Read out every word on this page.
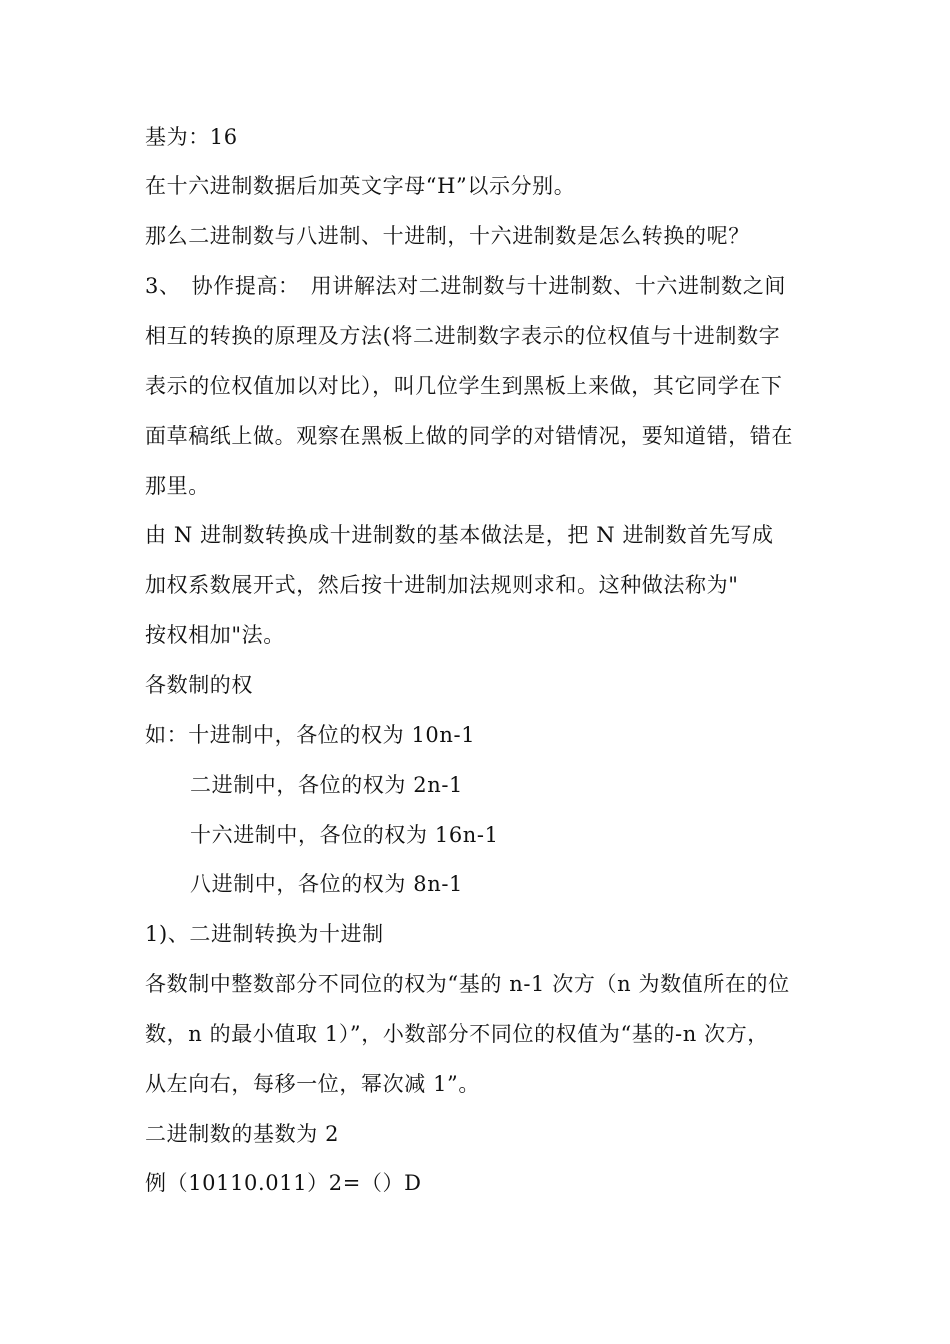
基为：16
在十六进制数据后加英文字母“H”以示分别。
那么二进制数与八进制、十进制，十六进制数是怎么转换的呢？
3、　协作提高：　用讲解法对二进制数与十进制数、十六进制数之间
相互的转换的原理及方法(将二进制数字表示的位权值与十进制数字
表示的位权值加以对比），叫几位学生到黑板上来做，其它同学在下
面草稿纸上做。观察在黑板上做的同学的对错情况，要知道错，错在
那里。
由 N 进制数转换成十进制数的基本做法是，把 N 进制数首先写成
加权系数展开式，然后按十进制加法规则求和。这种做法称为"
按权相加"法。
各数制的权
如：十进制中，各位的权为 10n-1
二进制中，各位的权为 2n-1
十六进制中，各位的权为 16n-1
八进制中，各位的权为 8n-1
1)、二进制转换为十进制
各数制中整数部分不同位的权为“基的 n-1 次方（n 为数值所在的位
数，n 的最小值取 1）”，小数部分不同位的权值为“基的-n 次方，
从左向右，每移一位，幂次减 1”。
二进制数的基数为 2
例（10110.011）2=（）D
